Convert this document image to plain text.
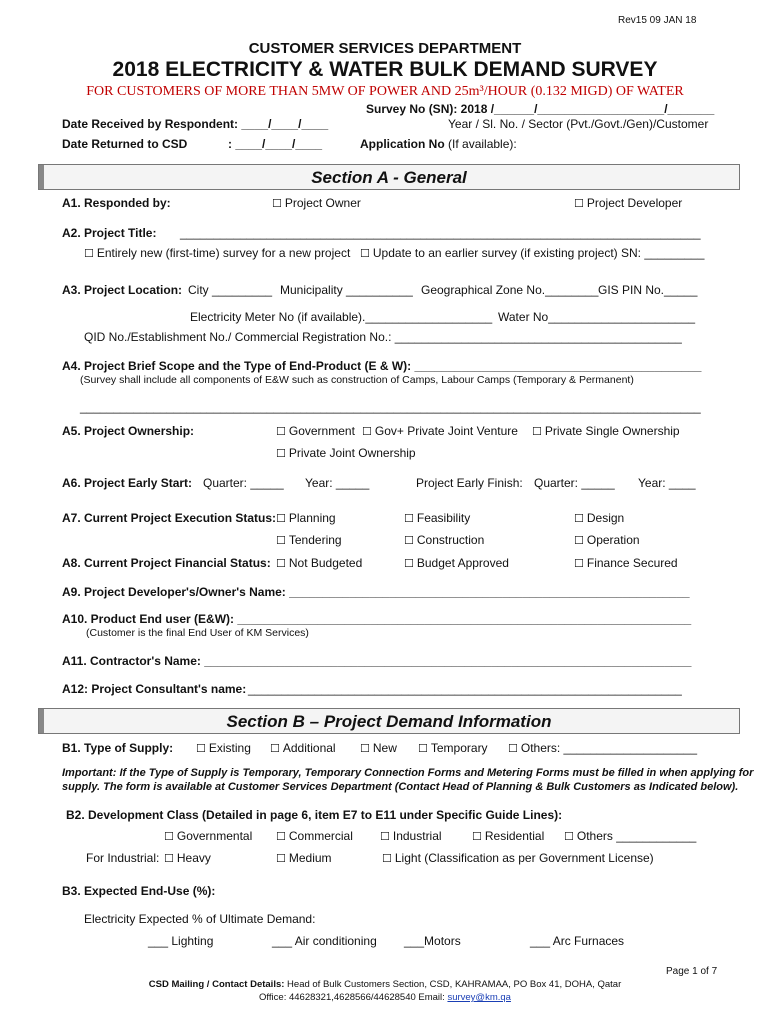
Rev15 09 JAN 18
CUSTOMER SERVICES DEPARTMENT
2018 ELECTRICITY & WATER BULK DEMAND SURVEY
FOR CUSTOMERS OF MORE THAN 5MW OF POWER AND 25m³/HOUR (0.132 MIGD) OF WATER
Survey No (SN): 2018 /______/___________________/_______
Year / Sl. No. / Sector (Pvt./Govt./Gen)/Customer
Date Received by Respondent: ____/____/____
Date Returned to CSD	: ____/____/____	Application No (If available):
Section A - General
A1. Responded by:	☐ Project Owner	☐ Project Developer
A2. Project Title: ______________________________________________________________________________
☐ Entirely new (first-time) survey for a new project ☐ Update to an earlier survey (if existing project) SN: _________
A3. Project Location: City _________ Municipality __________ Geographical Zone No.________ GIS PIN No._____
Electricity Meter No (if available).___________________ Water No______________________
QID No./Establishment No./ Commercial Registration No.: ___________________________________________
A4. Project Brief Scope and the Type of End-Product (E & W): ___________________________________________
(Survey shall include all components of E&W such as construction of Camps, Labour Camps (Temporary & Permanent)
_____________________________________________________________________________________________
A5. Project Ownership:	☐ Government ☐ Gov+ Private Joint Venture ☐ Private Single Ownership
☐ Private Joint Ownership
A6. Project Early Start: Quarter: _____ Year: _____	Project Early Finish: Quarter: _____ Year: ____
A7. Current Project Execution Status: ☐ Planning	☐ Feasibility	☐ Design
☐ Tendering	☐ Construction	☐ Operation
A8. Current Project Financial Status: ☐ Not Budgeted	☐ Budget Approved	☐ Finance Secured
A9. Project Developer's/Owner's Name: ____________________________________________________________
A10. Product End user (E&W): ____________________________________________________________________
(Customer is the final End User of KM Services)
A11. Contractor's Name: _________________________________________________________________________
A12: Project Consultant's name: _________________________________________________________________
Section B – Project Demand Information
B1. Type of Supply: ☐ Existing ☐ Additional ☐ New ☐ Temporary ☐ Others: ____________________
Important: If the Type of Supply is Temporary, Temporary Connection Forms and Metering Forms must be filled in when applying for
supply. The form is available at Customer Services Department (Contact Head of Planning & Bulk Customers as Indicated below).
B2. Development Class (Detailed in page 6, item E7 to E11 under Specific Guide Lines):
☐ Governmental ☐ Commercial ☐ Industrial	☐ Residential ☐ Others ____________
For Industrial: ☐ Heavy	☐ Medium	☐ Light (Classification as per Government License)
B3. Expected End-Use (%):
Electricity Expected % of Ultimate Demand:
___ Lighting	___ Air conditioning ___Motors	___ Arc Furnaces
Page 1 of 7
CSD Mailing / Contact Details: Head of Bulk Customers Section, CSD, KAHRAMAA, PO Box 41, DOHA, Qatar
Office: 44628321,4628566/44628540 Email: survey@km.qa
